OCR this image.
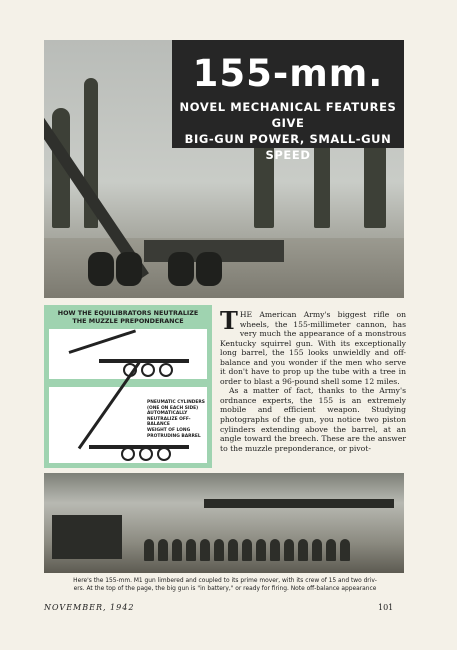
155-mm.
NOVEL MECHANICAL FEATURES GIVE
BIG-GUN POWER, SMALL-GUN SPEED
HOW THE EQUILIBRATORS NEUTRALIZE
THE MUZZLE PREPONDERANCE
PNEUMATIC CYLINDERS
(ONE ON EACH SIDE)
AUTOMATICALLY
NEUTRALIZE OFF-BALANCE
WEIGHT OF LONG
PROTRUDING BARREL

THE American Army's biggest rifle on wheels, the 155-millimeter cannon, has very much the appearance of a monstrous Kentucky squirrel gun. With its exceptionally long barrel, the 155 looks unwieldly and off-balance and you wonder if the men who serve it don't have to prop up the tube with a tree in order to blast a 96-pound shell some 12 miles.

As a matter of fact, thanks to the Army's ordnance experts, the 155 is an extremely mobile and efficient weapon. Studying photographs of the gun, you notice two piston cylinders extending above the barrel, at an angle toward the breech. These are the answer to the muzzle preponderance, or pivot-

Here's the 155-mm. M1 gun limbered and coupled to its prime mover, with its crew of 15 and two driv-
ers. At the top of the page, the big gun is "in battery," or ready for firing. Note off-balance appearance
NOVEMBER, 1942	101
